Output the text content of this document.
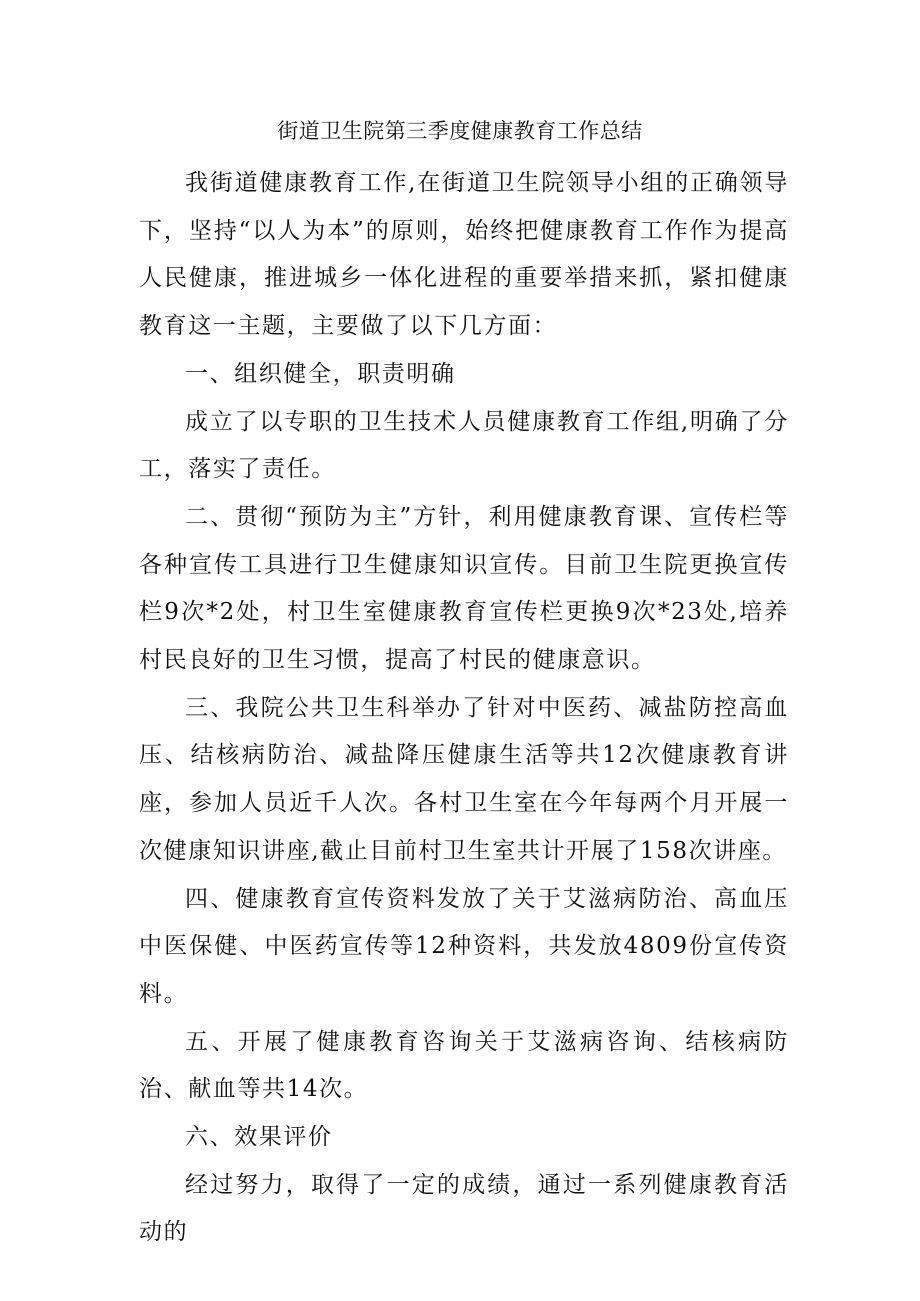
街道卫生院第三季度健康教育工作总结

我街道健康教育工作,在街道卫生院领导小组的正确领导下，坚持“以人为本”的原则，始终把健康教育工作作为提高人民健康，推进城乡一体化进程的重要举措来抓，紧扣健康教育这一主题，主要做了以下几方面：

一、组织健全，职责明确

成立了以专职的卫生技术人员健康教育工作组,明确了分工，落实了责任。

二、贯彻“预防为主”方针，利用健康教育课、宣传栏等各种宣传工具进行卫生健康知识宣传。目前卫生院更换宣传栏9次*2处，村卫生室健康教育宣传栏更换9次*23处,培养村民良好的卫生习惯，提高了村民的健康意识。

三、我院公共卫生科举办了针对中医药、减盐防控高血压、结核病防治、减盐降压健康生活等共12次健康教育讲座，参加人员近千人次。各村卫生室在今年每两个月开展一次健康知识讲座,截止目前村卫生室共计开展了158次讲座。

四、健康教育宣传资料发放了关于艾滋病防治、高血压中医保健、中医药宣传等12种资料，共发放4809份宣传资料。

五、开展了健康教育咨询关于艾滋病咨询、结核病防治、献血等共14次。

六、效果评价

经过努力，取得了一定的成绩，通过一系列健康教育活动的
